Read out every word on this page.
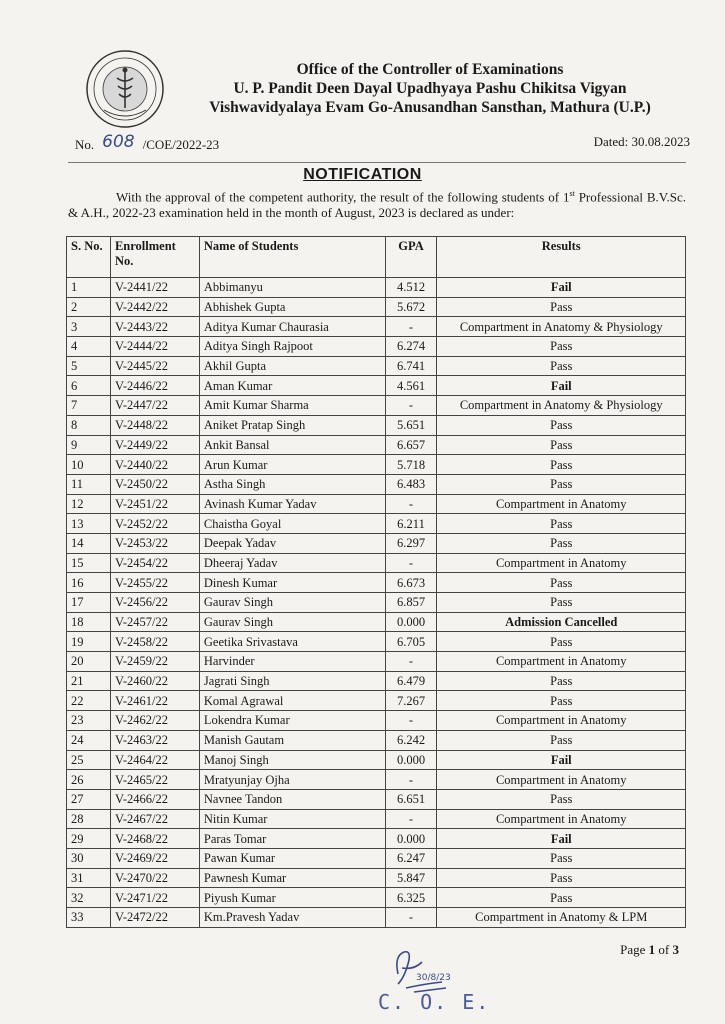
Office of the Controller of Examinations
U. P. Pandit Deen Dayal Upadhyaya Pashu Chikitsa Vigyan
Vishwavidyalaya Evam Go-Anusandhan Sansthan, Mathura (U.P.)
No. 608 /COE/2022-23	Dated: 30.08.2023
NOTIFICATION
With the approval of the competent authority, the result of the following students of 1st Professional B.V.Sc. & A.H., 2022-23 examination held in the month of August, 2023 is declared as under:
S. No.	Enrollment No.	Name of Students	GPA	Results
1	V-2441/22	Abbimanyu	4.512	Fail
2	V-2442/22	Abhishek Gupta	5.672	Pass
3	V-2443/22	Aditya Kumar Chaurasia	-	Compartment in Anatomy & Physiology
4	V-2444/22	Aditya Singh Rajpoot	6.274	Pass
5	V-2445/22	Akhil Gupta	6.741	Pass
6	V-2446/22	Aman Kumar	4.561	Fail
7	V-2447/22	Amit Kumar Sharma	-	Compartment in Anatomy & Physiology
8	V-2448/22	Aniket Pratap Singh	5.651	Pass
9	V-2449/22	Ankit Bansal	6.657	Pass
10	V-2440/22	Arun Kumar	5.718	Pass
11	V-2450/22	Astha Singh	6.483	Pass
12	V-2451/22	Avinash Kumar Yadav	-	Compartment in Anatomy
13	V-2452/22	Chaistha Goyal	6.211	Pass
14	V-2453/22	Deepak Yadav	6.297	Pass
15	V-2454/22	Dheeraj Yadav	-	Compartment in Anatomy
16	V-2455/22	Dinesh Kumar	6.673	Pass
17	V-2456/22	Gaurav Singh	6.857	Pass
18	V-2457/22	Gaurav Singh	0.000	Admission Cancelled
19	V-2458/22	Geetika Srivastava	6.705	Pass
20	V-2459/22	Harvinder	-	Compartment in Anatomy
21	V-2460/22	Jagrati Singh	6.479	Pass
22	V-2461/22	Komal Agrawal	7.267	Pass
23	V-2462/22	Lokendra Kumar	-	Compartment in Anatomy
24	V-2463/22	Manish Gautam	6.242	Pass
25	V-2464/22	Manoj Singh	0.000	Fail
26	V-2465/22	Mratyunjay Ojha	-	Compartment in Anatomy
27	V-2466/22	Navnee Tandon	6.651	Pass
28	V-2467/22	Nitin Kumar	-	Compartment in Anatomy
29	V-2468/22	Paras Tomar	0.000	Fail
30	V-2469/22	Pawan Kumar	6.247	Pass
31	V-2470/22	Pawnesh Kumar	5.847	Pass
32	V-2471/22	Piyush Kumar	6.325	Pass
33	V-2472/22	Km.Pravesh Yadav	-	Compartment in Anatomy & LPM
Page 1 of 3
30/8/23
C. O. E.
